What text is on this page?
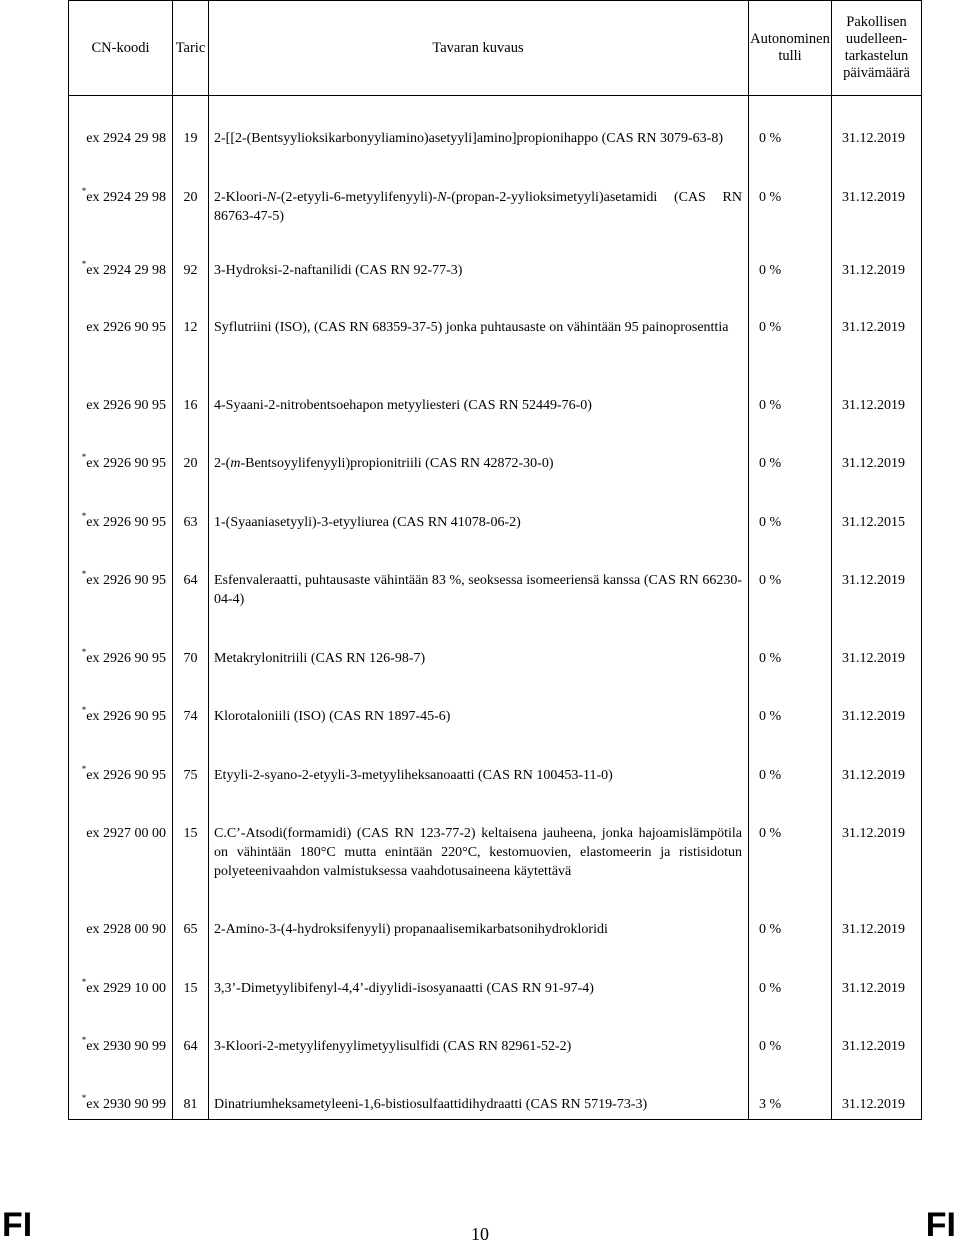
CN-koodi	Taric	Tavaran kuvaus	Autonominen tulli	Pakollisen uudelleen-tarkastelun päivämäärä

ex 2924 29 98	19	2-[[2-(Bentsyylioksikarbonyyliamino)asetyyli]amino]propionihappo (CAS RN 3079-63-8)	0 %	31.12.2019

*ex 2924 29 98	20	2-Kloori-N-(2-etyyli-6-metyylifenyyli)-N-(propan-2-yylioksimetyyli)asetamidi (CAS RN 86763-47-5)	0 %	31.12.2019

*ex 2924 29 98	92	3-Hydroksi-2-naftanilidi (CAS RN 92-77-3)	0 %	31.12.2019

ex 2926 90 95	12	Syflutriini (ISO), (CAS RN 68359-37-5) jonka puhtausaste on vähintään 95 painoprosenttia	0 %	31.12.2019

ex 2926 90 95	16	4-Syaani-2-nitrobentsoehapon metyyliesteri (CAS RN 52449-76-0)	0 %	31.12.2019

*ex 2926 90 95	20	2-(m-Bentsoyylifenyyli)propionitriili (CAS RN 42872-30-0)	0 %	31.12.2019

*ex 2926 90 95	63	1-(Syaaniasetyyli)-3-etyyliurea (CAS RN 41078-06-2)	0 %	31.12.2015

*ex 2926 90 95	64	Esfenvaleraatti, puhtausaste vähintään 83 %, seoksessa isomeeriensä kanssa (CAS RN 66230-04-4)	0 %	31.12.2019

*ex 2926 90 95	70	Metakrylonitriili (CAS RN 126-98-7)	0 %	31.12.2019

*ex 2926 90 95	74	Klorotaloniili (ISO) (CAS RN 1897-45-6)	0 %	31.12.2019

*ex 2926 90 95	75	Etyyli-2-syano-2-etyyli-3-metyyliheksanoaatti (CAS RN 100453-11-0)	0 %	31.12.2019

ex 2927 00 00	15	C.C’-Atsodi(formamidi) (CAS RN 123-77-2) keltaisena jauheena, jonka hajoamislämpötila on vähintään 180°C mutta enintään 220°C, kestomuovien, elastomeerin ja ristisidotun polyeteenivaahdon valmistuksessa vaahdotusaineena käytettävä	0 %	31.12.2019

ex 2928 00 90	65	2-Amino-3-(4-hydroksifenyyli) propanaalisemikarbatsonihydrokloridi	0 %	31.12.2019

*ex 2929 10 00	15	3,3’-Dimetyylibifenyl-4,4’-diyylidi-isosyanaatti (CAS RN 91-97-4)	0 %	31.12.2019

*ex 2930 90 99	64	3-Kloori-2-metyylifenyylimetyylisulfidi (CAS RN 82961-52-2)	0 %	31.12.2019

*ex 2930 90 99	81	Dinatriumheksametyleeni-1,6-bistiosulfaattidihydraatti (CAS RN 5719-73-3)	3 %	31.12.2019
FI	10	FI
